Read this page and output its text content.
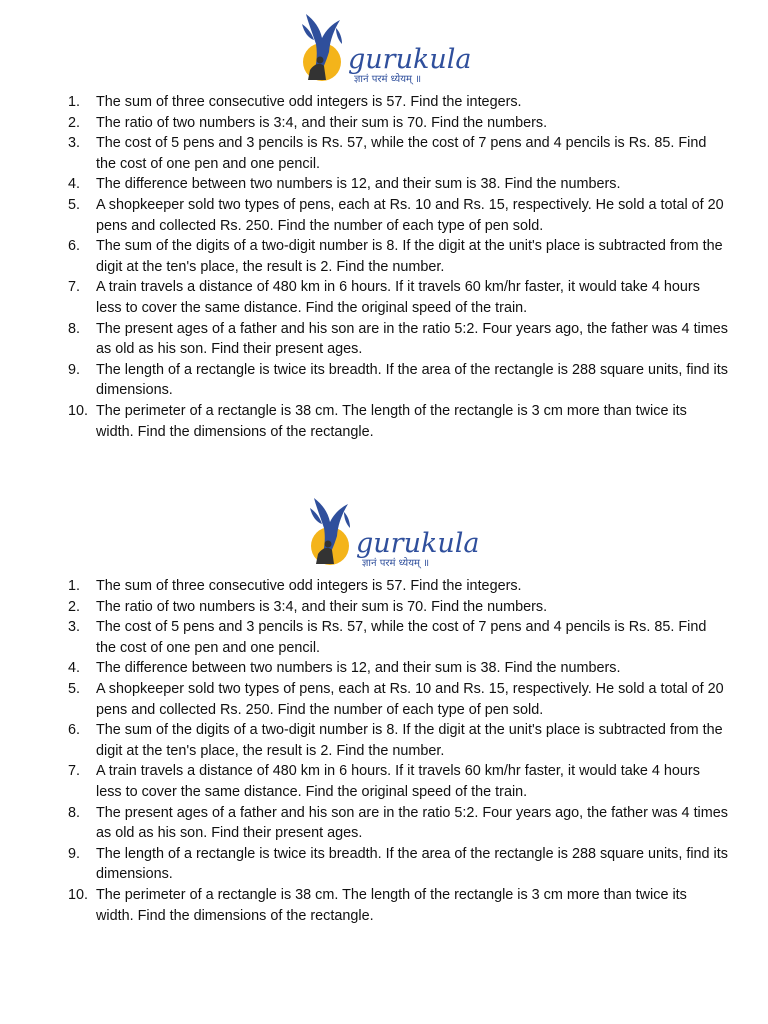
gurukula
ज्ञानं परमं ध्येयम् ॥
1.	The sum of three consecutive odd integers is 57. Find the integers.
2.	The ratio of two numbers is 3:4, and their sum is 70. Find the numbers.
3.	The cost of 5 pens and 3 pencils is Rs. 57, while the cost of 7 pens and 4 pencils is Rs. 85. Find the cost of one pen and one pencil.
4.	The difference between two numbers is 12, and their sum is 38. Find the numbers.
5.	A shopkeeper sold two types of pens, each at Rs. 10 and Rs. 15, respectively. He sold a total of 20 pens and collected Rs. 250. Find the number of each type of pen sold.
6.	The sum of the digits of a two-digit number is 8. If the digit at the unit's place is subtracted from the digit at the ten's place, the result is 2. Find the number.
7.	A train travels a distance of 480 km in 6 hours. If it travels 60 km/hr faster, it would take 4 hours less to cover the same distance. Find the original speed of the train.
8.	The present ages of a father and his son are in the ratio 5:2. Four years ago, the father was 4 times as old as his son. Find their present ages.
9.	The length of a rectangle is twice its breadth. If the area of the rectangle is 288 square units, find its dimensions.
10. The perimeter of a rectangle is 38 cm. The length of the rectangle is 3 cm more than twice its width. Find the dimensions of the rectangle.
gurukula
ज्ञानं परमं ध्येयम् ॥
1.	The sum of three consecutive odd integers is 57. Find the integers.
2.	The ratio of two numbers is 3:4, and their sum is 70. Find the numbers.
3.	The cost of 5 pens and 3 pencils is Rs. 57, while the cost of 7 pens and 4 pencils is Rs. 85. Find the cost of one pen and one pencil.
4.	The difference between two numbers is 12, and their sum is 38. Find the numbers.
5.	A shopkeeper sold two types of pens, each at Rs. 10 and Rs. 15, respectively. He sold a total of 20 pens and collected Rs. 250. Find the number of each type of pen sold.
6.	The sum of the digits of a two-digit number is 8. If the digit at the unit's place is subtracted from the digit at the ten's place, the result is 2. Find the number.
7.	A train travels a distance of 480 km in 6 hours. If it travels 60 km/hr faster, it would take 4 hours less to cover the same distance. Find the original speed of the train.
8.	The present ages of a father and his son are in the ratio 5:2. Four years ago, the father was 4 times as old as his son. Find their present ages.
9.	The length of a rectangle is twice its breadth. If the area of the rectangle is 288 square units, find its dimensions.
10. The perimeter of a rectangle is 38 cm. The length of the rectangle is 3 cm more than twice its width. Find the dimensions of the rectangle.
